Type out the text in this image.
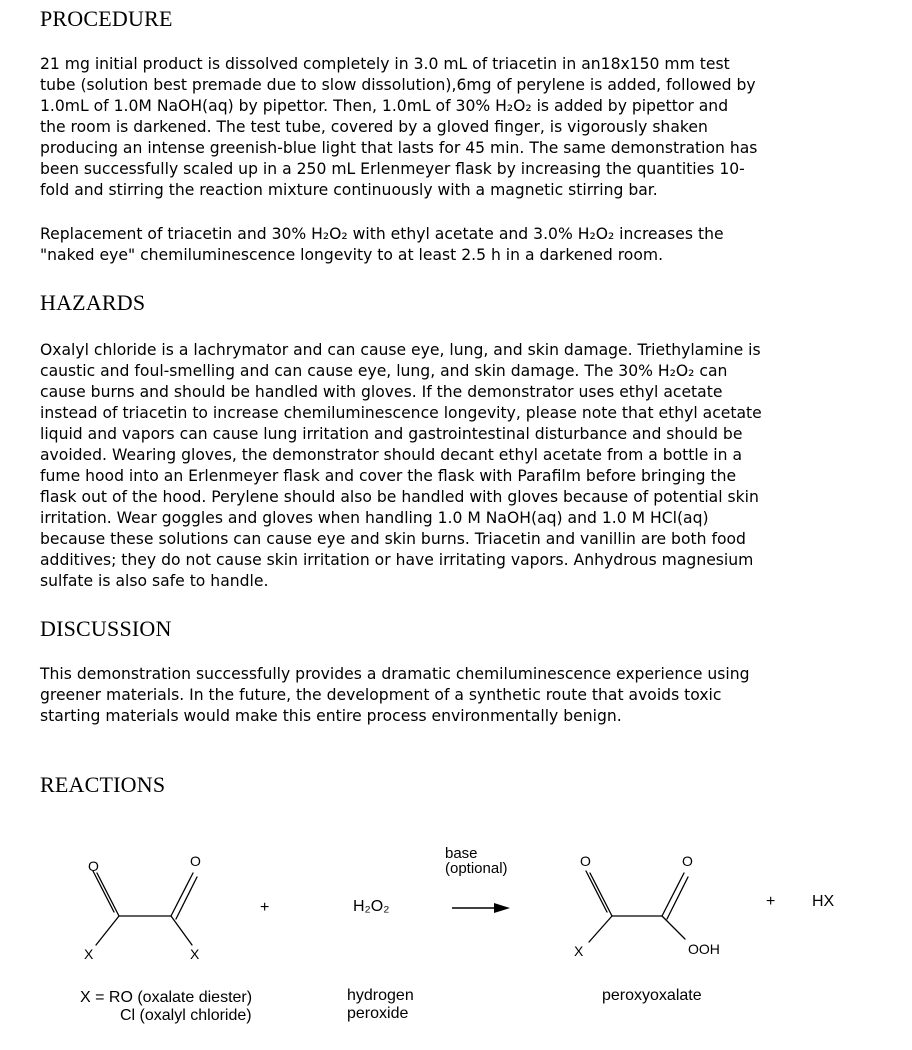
PROCEDURE

21 mg initial product is dissolved completely in 3.0 mL of triacetin in an18x150 mm test
tube (solution best premade due to slow dissolution),6mg of perylene is added, followed by
1.0mL of 1.0M NaOH(aq) by pipettor. Then, 1.0mL of 30% H₂O₂ is added by pipettor and
the room is darkened. The test tube, covered by a gloved finger, is vigorously shaken
producing an intense greenish-blue light that lasts for 45 min. The same demonstration has
been successfully scaled up in a 250 mL Erlenmeyer flask by increasing the quantities 10-
fold and stirring the reaction mixture continuously with a magnetic stirring bar.

Replacement of triacetin and 30% H₂O₂ with ethyl acetate and 3.0% H₂O₂ increases the
"naked eye" chemiluminescence longevity to at least 2.5 h in a darkened room.

HAZARDS

Oxalyl chloride is a lachrymator and can cause eye, lung, and skin damage. Triethylamine is
caustic and foul-smelling and can cause eye, lung, and skin damage. The 30% H₂O₂ can
cause burns and should be handled with gloves. If the demonstrator uses ethyl acetate
instead of triacetin to increase chemiluminescence longevity, please note that ethyl acetate
liquid and vapors can cause lung irritation and gastrointestinal disturbance and should be
avoided. Wearing gloves, the demonstrator should decant ethyl acetate from a bottle in a
fume hood into an Erlenmeyer flask and cover the flask with Parafilm before bringing the
flask out of the hood. Perylene should also be handled with gloves because of potential skin
irritation. Wear goggles and gloves when handling 1.0 M NaOH(aq) and 1.0 M HCl(aq)
because these solutions can cause eye and skin burns. Triacetin and vanillin are both food
additives; they do not cause skin irritation or have irritating vapors. Anhydrous magnesium
sulfate is also safe to handle.

DISCUSSION

This demonstration successfully provides a dramatic chemiluminescence experience using
greener materials. In the future, the development of a synthetic route that avoids toxic
starting materials would make this entire process environmentally benign.

REACTIONS
O	O
X	X
O	O
X	OOH
+	H₂O₂
base
(optional)
+ HX
X = RO (oxalate diester)
Cl (oxalyl chloride)
hydrogen
peroxide
peroxyoxalate
